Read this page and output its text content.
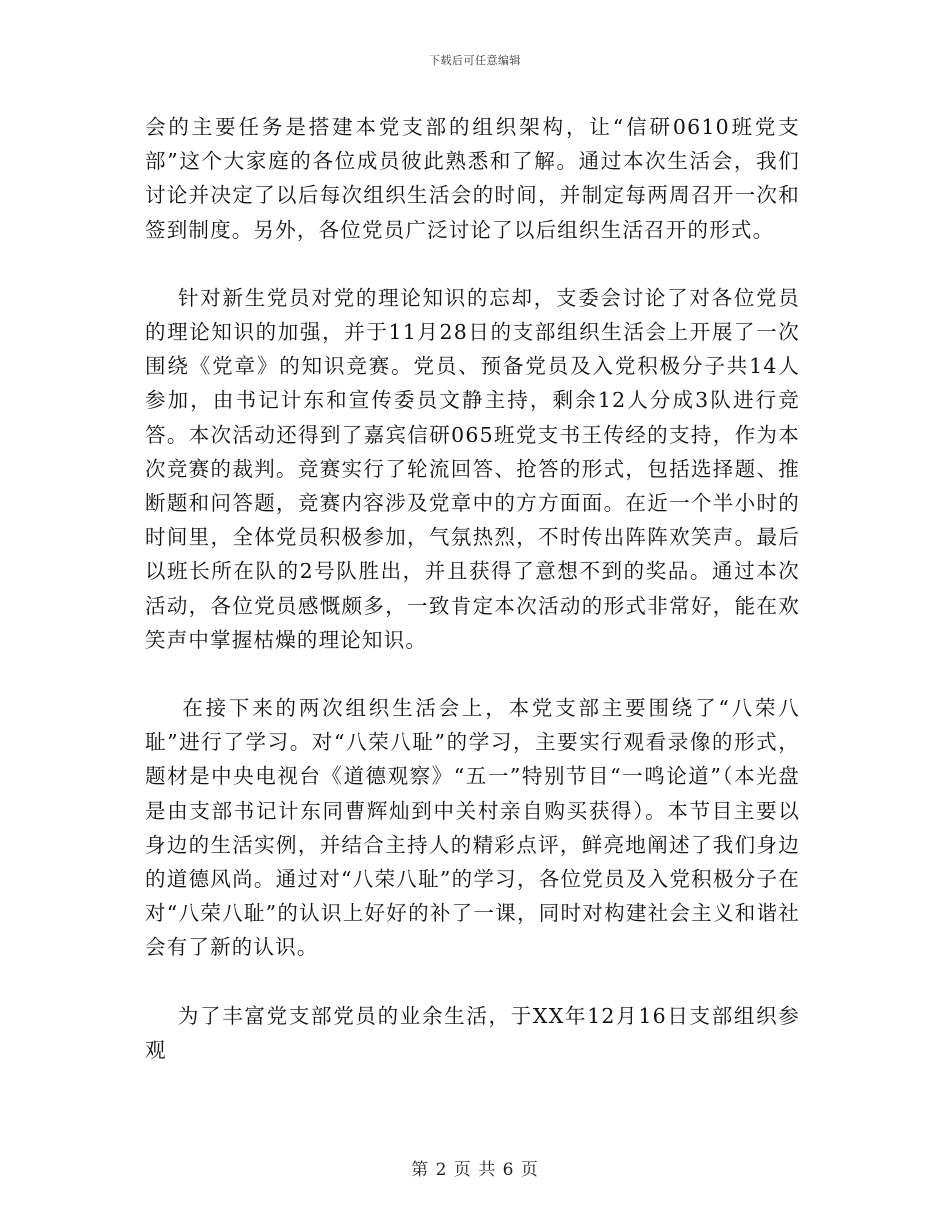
下载后可任意编辑

会的主要任务是搭建本党支部的组织架构，让“信研0610班党支部”这个大家庭的各位成员彼此熟悉和了解。通过本次生活会，我们讨论并决定了以后每次组织生活会的时间，并制定每两周召开一次和签到制度。另外，各位党员广泛讨论了以后组织生活召开的形式。

针对新生党员对党的理论知识的忘却，支委会讨论了对各位党员的理论知识的加强，并于11月28日的支部组织生活会上开展了一次围绕《党章》的知识竞赛。党员、预备党员及入党积极分子共14人参加，由书记计东和宣传委员文静主持，剩余12人分成3队进行竞答。本次活动还得到了嘉宾信研065班党支书王传经的支持，作为本次竞赛的裁判。竞赛实行了轮流回答、抢答的形式，包括选择题、推断题和问答题，竞赛内容涉及党章中的方方面面。在近一个半小时的时间里，全体党员积极参加，气氛热烈，不时传出阵阵欢笑声。最后以班长所在队的2号队胜出，并且获得了意想不到的奖品。通过本次活动，各位党员感慨颇多，一致肯定本次活动的形式非常好，能在欢笑声中掌握枯燥的理论知识。

在接下来的两次组织生活会上，本党支部主要围绕了“八荣八耻”进行了学习。对“八荣八耻”的学习，主要实行观看录像的形式，题材是中央电视台《道德观察》“五一”特别节目“一鸣论道”（本光盘是由支部书记计东同曹辉灿到中关村亲自购买获得）。本节目主要以身边的生活实例，并结合主持人的精彩点评，鲜亮地阐述了我们身边的道德风尚。通过对“八荣八耻”的学习，各位党员及入党积极分子在对“八荣八耻”的认识上好好的补了一课，同时对构建社会主义和谐社会有了新的认识。

为了丰富党支部党员的业余生活，于XX年12月16日支部组织参观

第 2 页 共 6 页
